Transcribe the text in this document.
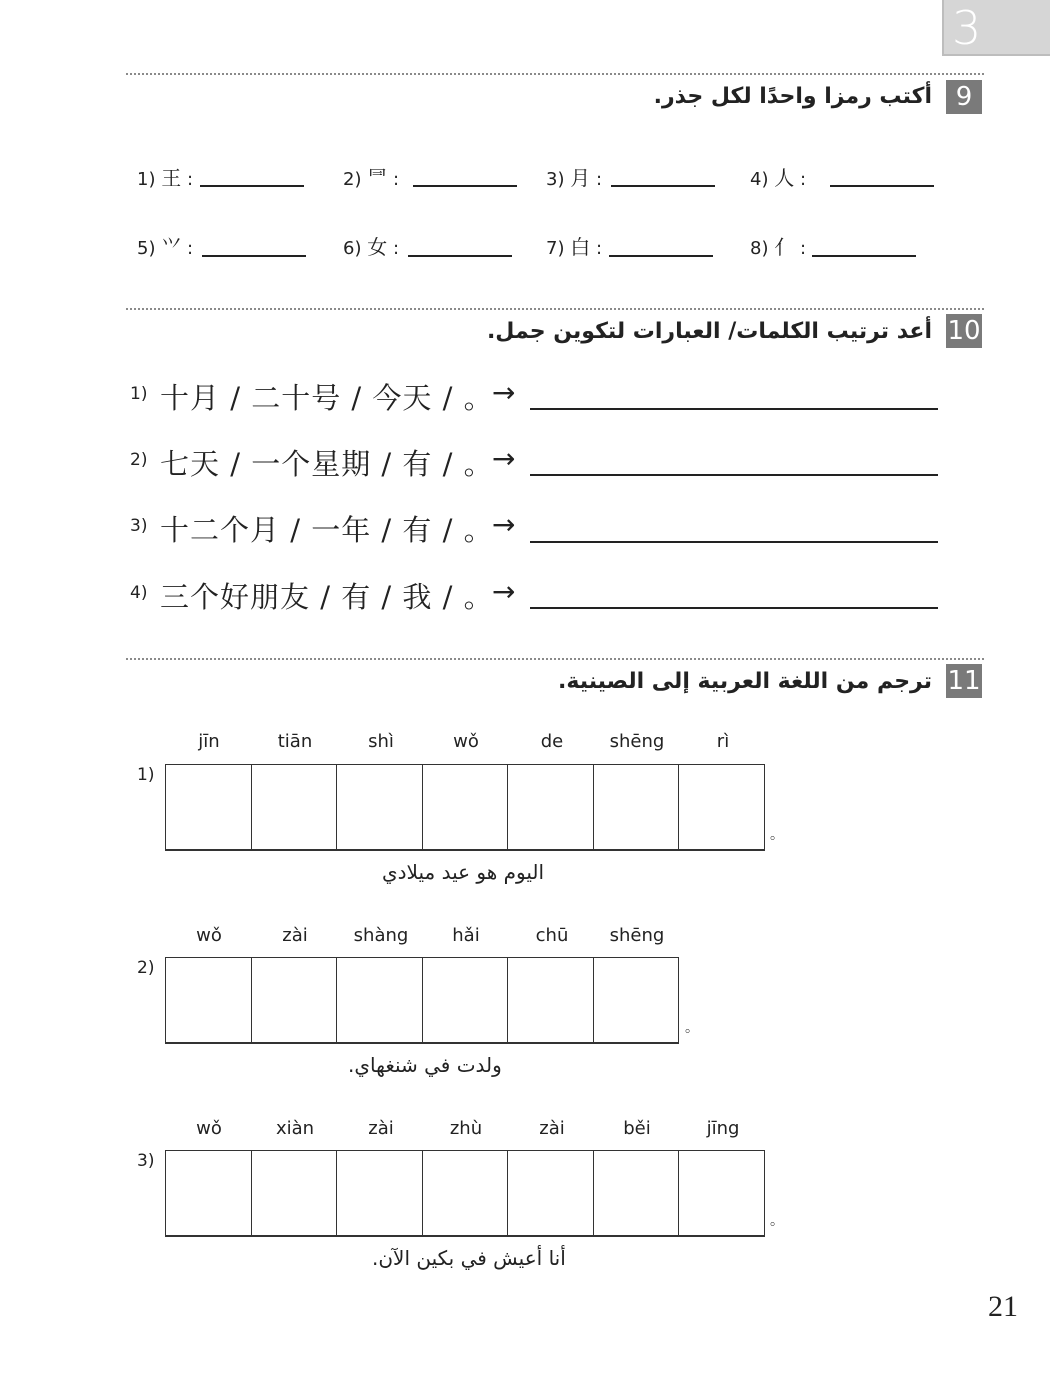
3
9
أكتب رمزا واحدًا لكل جذر.
1) 王 :	2) ⺜ :	3) 月 :	4) 人 :
5) ⺍ :	6) 女 :	7) 白 :	8) 亻 :
10
أعد ترتيب الكلمات/ العبارات لتكوين جمل.
1) 十月 / 二十号 / 今天 / 。
→
2) 七天 / 一个星期 / 有 / 。
→
3) 十二个月 / 一年 / 有 / 。
→
4) 三个好朋友 / 有 / 我 / 。
→
11
ترجم من اللغة العربية إلى الصينية.
jīn	tiān	shì	wǒ	de	shēng	rì
1)
。
اليوم هو عيد ميلادي
wǒ	zài	shàng	hǎi	chū	shēng
2)
。
ولدت في شنغهاي.
wǒ	xiàn	zài	zhù	zài	běi	jīng
3)
。
أنا أعيش في بكين الآن.
21
